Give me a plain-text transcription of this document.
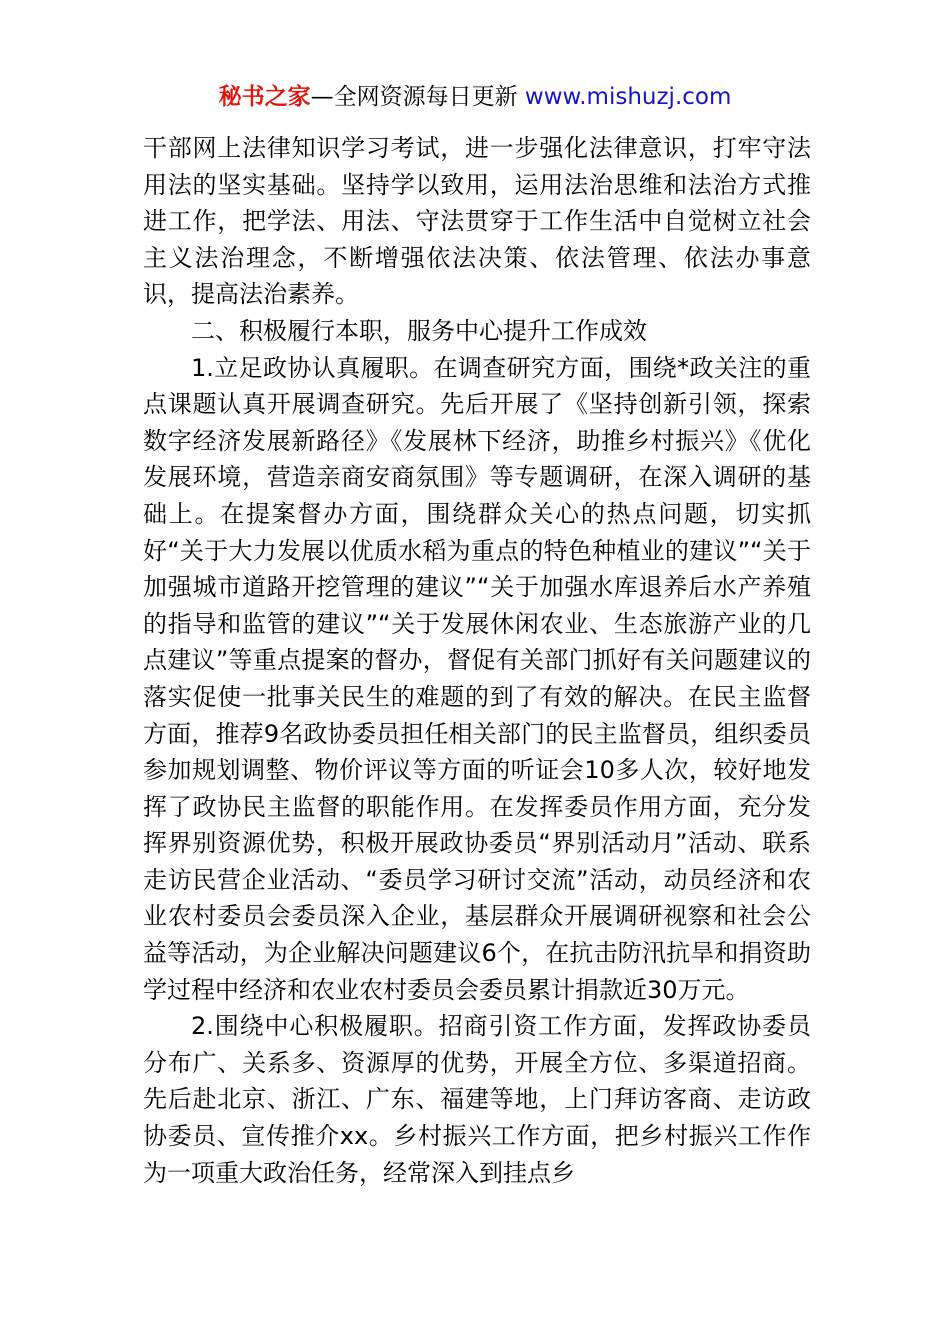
秘书之家—全网资源每日更新 www.mishuzj.com

干部网上法律知识学习考试，进一步强化法律意识，打牢守法用法的坚实基础。坚持学以致用，运用法治思维和法治方式推进工作，把学法、用法、守法贯穿于工作生活中自觉树立社会主义法治理念，不断增强依法决策、依法管理、依法办事意识，提高法治素养。

二、积极履行本职，服务中心提升工作成效

1.立足政协认真履职。在调查研究方面，围绕*政关注的重点课题认真开展调查研究。先后开展了《坚持创新引领，探索数字经济发展新路径》《发展林下经济，助推乡村振兴》《优化发展环境，营造亲商安商氛围》等专题调研，在深入调研的基础上。在提案督办方面，围绕群众关心的热点问题，切实抓好“关于大力发展以优质水稻为重点的特色种植业的建议”“关于加强城市道路开挖管理的建议”“关于加强水库退养后水产养殖的指导和监管的建议”“关于发展休闲农业、生态旅游产业的几点建议”等重点提案的督办，督促有关部门抓好有关问题建议的落实促使一批事关民生的难题的到了有效的解决。在民主监督方面，推荐9名政协委员担任相关部门的民主监督员，组织委员参加规划调整、物价评议等方面的听证会10多人次，较好地发挥了政协民主监督的职能作用。在发挥委员作用方面，充分发挥界别资源优势，积极开展政协委员“界别活动月”活动、联系走访民营企业活动、“委员学习研讨交流”活动，动员经济和农业农村委员会委员深入企业，基层群众开展调研视察和社会公益等活动，为企业解决问题建议6个，在抗击防汛抗旱和捐资助学过程中经济和农业农村委员会委员累计捐款近30万元。

2.围绕中心积极履职。招商引资工作方面，发挥政协委员分布广、关系多、资源厚的优势，开展全方位、多渠道招商。先后赴北京、浙江、广东、福建等地，上门拜访客商、走访政协委员、宣传推介xx。乡村振兴工作方面，把乡村振兴工作作为一项重大政治任务，经常深入到挂点乡
